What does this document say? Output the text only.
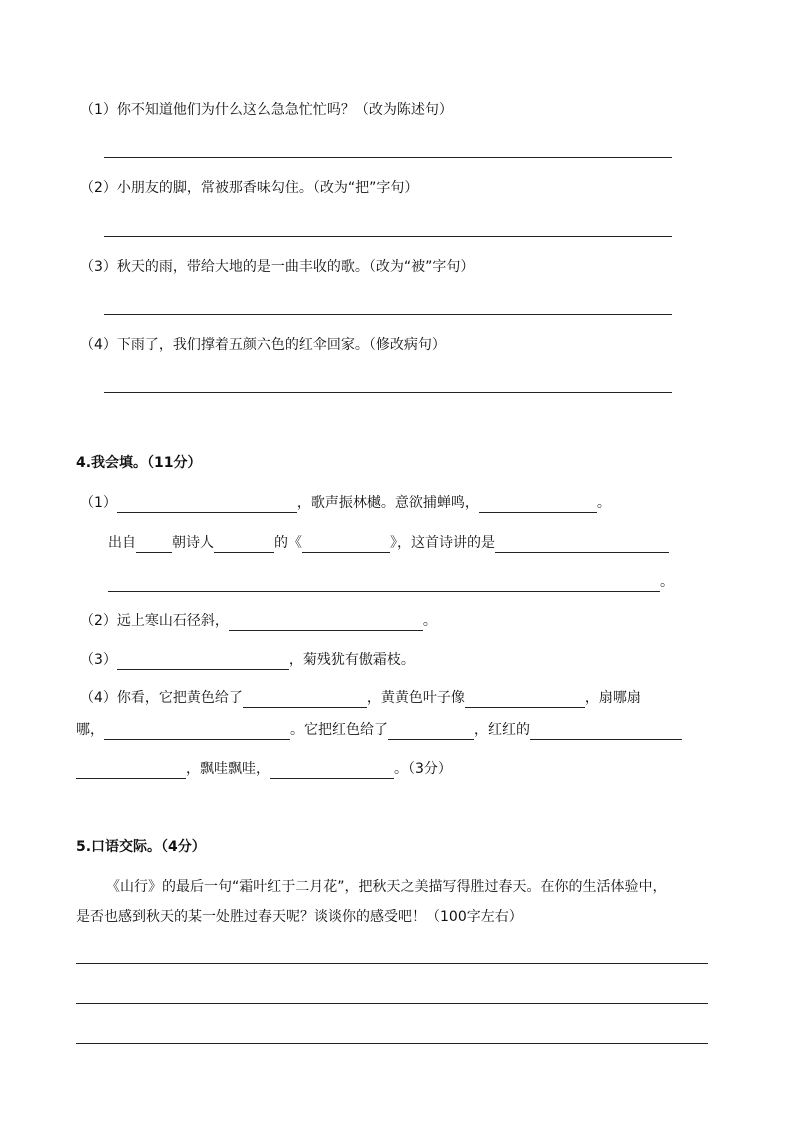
（1）你不知道他们为什么这么急急忙忙吗？（改为陈述句）
（2）小朋友的脚，常被那香味勾住。（改为“把”字句）
（3）秋天的雨，带给大地的是一曲丰收的歌。（改为“被”字句）
（4）下雨了，我们撑着五颜六色的红伞回家。（修改病句）
4.我会填。（11分）
（1）	，歌声振林樾。意欲捕蝉鸣，	。
出自	朝诗人	的《	》，这首诗讲的是
。
（2）远上寒山石径斜，	。
（3）	，菊残犹有傲霜枝。
（4）你看，它把黄色给了	，黄黄色叶子像	，扇哪扇
哪，	。它把红色给了	，红红的
，飘哇飘哇，	。（3分）
5.口语交际。（4分）
《山行》的最后一句“霜叶红于二月花”，把秋天之美描写得胜过春天。在你的生活体验中，
是否也感到秋天的某一处胜过春天呢？谈谈你的感受吧！（100字左右）
